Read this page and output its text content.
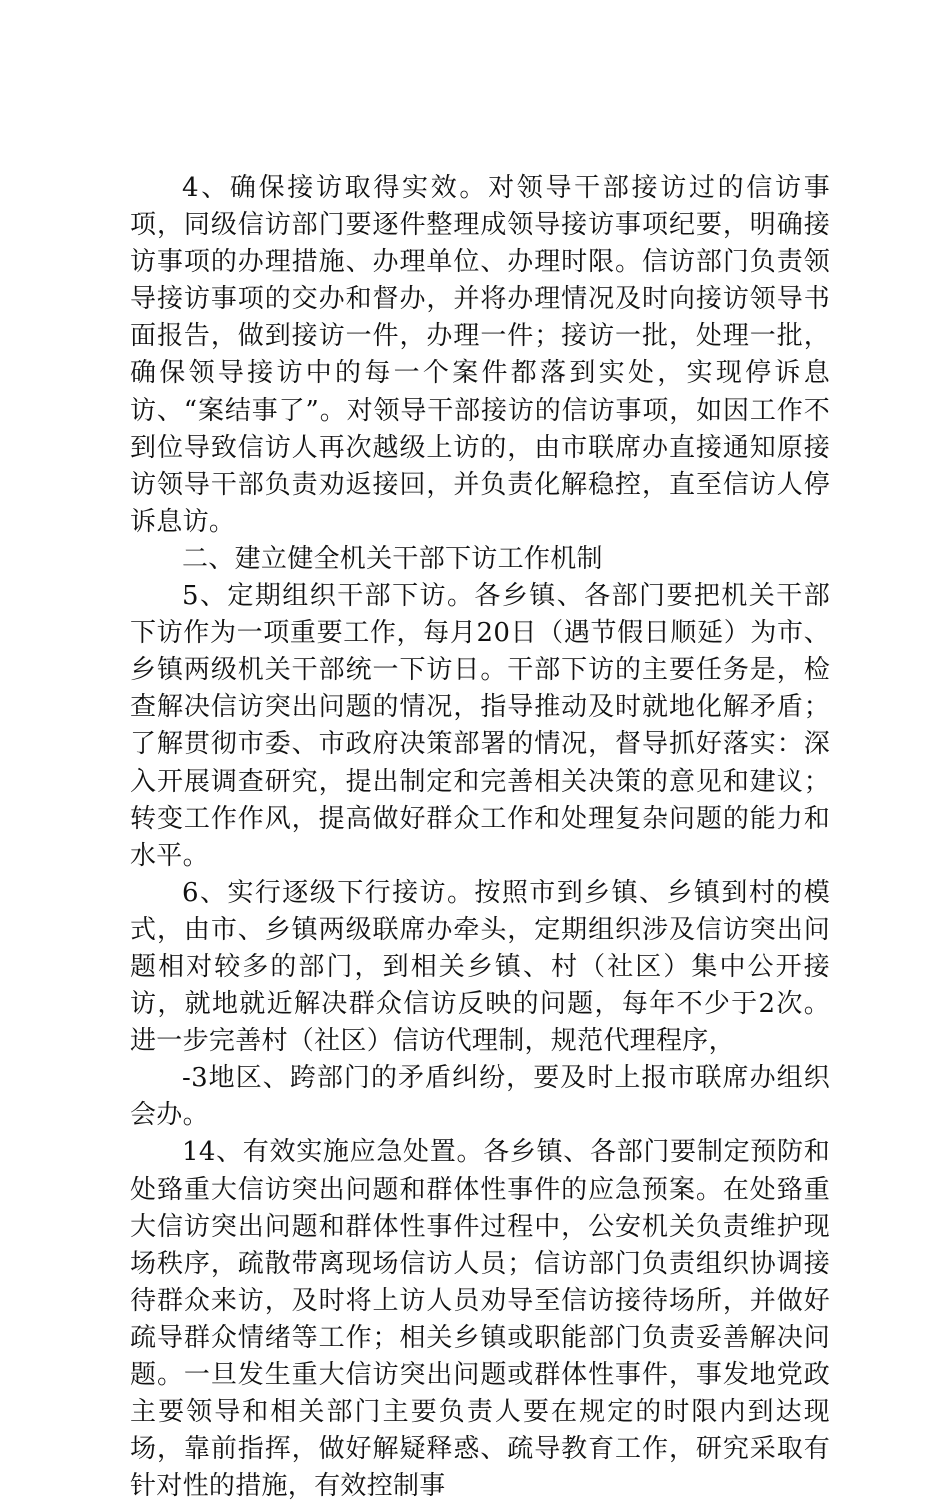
4、确保接访取得实效。对领导干部接访过的信访事项，同级信访部门要逐件整理成领导接访事项纪要，明确接访事项的办理措施、办理单位、办理时限。信访部门负责领导接访事项的交办和督办，并将办理情况及时向接访领导书面报告，做到接访一件，办理一件；接访一批，处理一批，确保领导接访中的每一个案件都落到实处，实现停诉息访、“案结事了”。对领导干部接访的信访事项，如因工作不到位导致信访人再次越级上访的，由市联席办直接通知原接访领导干部负责劝返接回，并负责化解稳控，直至信访人停诉息访。

二、建立健全机关干部下访工作机制

5、定期组织干部下访。各乡镇、各部门要把机关干部下访作为一项重要工作，每月20日（遇节假日顺延）为市、乡镇两级机关干部统一下访日。干部下访的主要任务是，检查解决信访突出问题的情况，指导推动及时就地化解矛盾；了解贯彻市委、市政府决策部署的情况，督导抓好落实：深入开展调查研究，提出制定和完善相关决策的意见和建议；转变工作作风，提高做好群众工作和处理复杂问题的能力和水平。

6、实行逐级下行接访。按照市到乡镇、乡镇到村的模式，由市、乡镇两级联席办牵头，定期组织涉及信访突出问题相对较多的部门，到相关乡镇、村（社区）集中公开接访，就地就近解决群众信访反映的问题，每年不少于2次。进一步完善村（社区）信访代理制，规范代理程序，

-3地区、跨部门的矛盾纠纷，要及时上报市联席办组织会办。

14、有效实施应急处置。各乡镇、各部门要制定预防和处臵重大信访突出问题和群体性事件的应急预案。在处臵重大信访突出问题和群体性事件过程中，公安机关负责维护现场秩序，疏散带离现场信访人员；信访部门负责组织协调接待群众来访，及时将上访人员劝导至信访接待场所，并做好疏导群众情绪等工作；相关乡镇或职能部门负责妥善解决问题。一旦发生重大信访突出问题或群体性事件，事发地党政主要领导和相关部门主要负责人要在规定的时限内到达现场，靠前指挥，做好解疑释惑、疏导教育工作，研究采取有针对性的措施，有效控制事
